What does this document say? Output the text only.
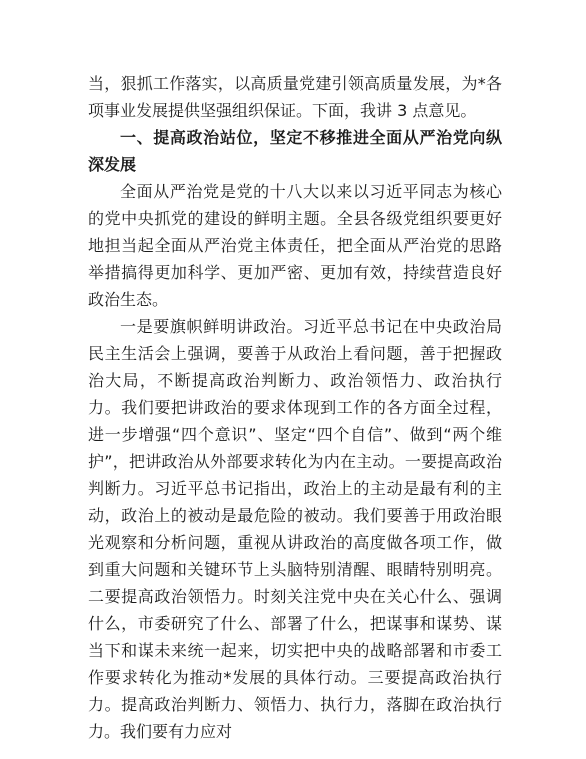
当，狠抓工作落实，以高质量党建引领高质量发展，为*各项事业发展提供坚强组织保证。下面，我讲 3 点意见。

一、提高政治站位，坚定不移推进全面从严治党向纵深发展

全面从严治党是党的十八大以来以习近平同志为核心的党中央抓党的建设的鲜明主题。全县各级党组织要更好地担当起全面从严治党主体责任，把全面从严治党的思路举措搞得更加科学、更加严密、更加有效，持续营造良好政治生态。

一是要旗帜鲜明讲政治。习近平总书记在中央政治局民主生活会上强调，要善于从政治上看问题，善于把握政治大局，不断提高政治判断力、政治领悟力、政治执行力。我们要把讲政治的要求体现到工作的各方面全过程，进一步增强“四个意识”、坚定“四个自信”、做到“两个维护”，把讲政治从外部要求转化为内在主动。一要提高政治判断力。习近平总书记指出，政治上的主动是最有利的主动，政治上的被动是最危险的被动。我们要善于用政治眼光观察和分析问题，重视从讲政治的高度做各项工作，做到重大问题和关键环节上头脑特别清醒、眼睛特别明亮。二要提高政治领悟力。时刻关注党中央在关心什么、强调什么，市委研究了什么、部署了什么，把谋事和谋势、谋当下和谋未来统一起来，切实把中央的战略部署和市委工作要求转化为推动*发展的具体行动。三要提高政治执行力。提高政治判断力、领悟力、执行力，落脚在政治执行力。我们要有力应对
